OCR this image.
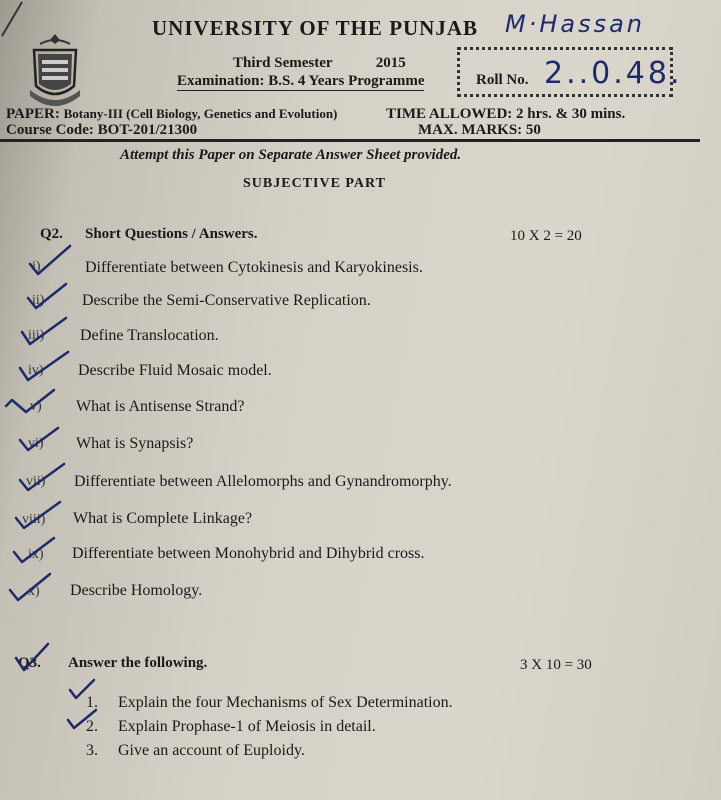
UNIVERSITY OF THE PUNJAB M·Hassan
Third Semester	2015
Examination: B.S. 4 Years Programme	Roll No. 2..0.48.
PAPER: Botany-III (Cell Biology, Genetics and Evolution)	TIME ALLOWED: 2 hrs. & 30 mins.
Course Code: BOT-201/21300	MAX. MARKS: 50
Attempt this Paper on Separate Answer Sheet provided.
SUBJECTIVE PART
Q2. Short Questions / Answers.	10 X 2 = 20
i)	Differentiate between Cytokinesis and Karyokinesis.
ii) Describe the Semi-Conservative Replication.
iii) Define Translocation.
iv) Describe Fluid Mosaic model.
v) What is Antisense Strand?
vi) What is Synapsis?
vii) Differentiate between Allelomorphs and Gynandromorphy.
viii) What is Complete Linkage?
ix) Differentiate between Monohybrid and Dihybrid cross.
x) Describe Homology.
Q3. Answer the following.	3 X 10 = 30
1. Explain the four Mechanisms of Sex Determination.
2. Explain Prophase-1 of Meiosis in detail.
3. Give an account of Euploidy.
